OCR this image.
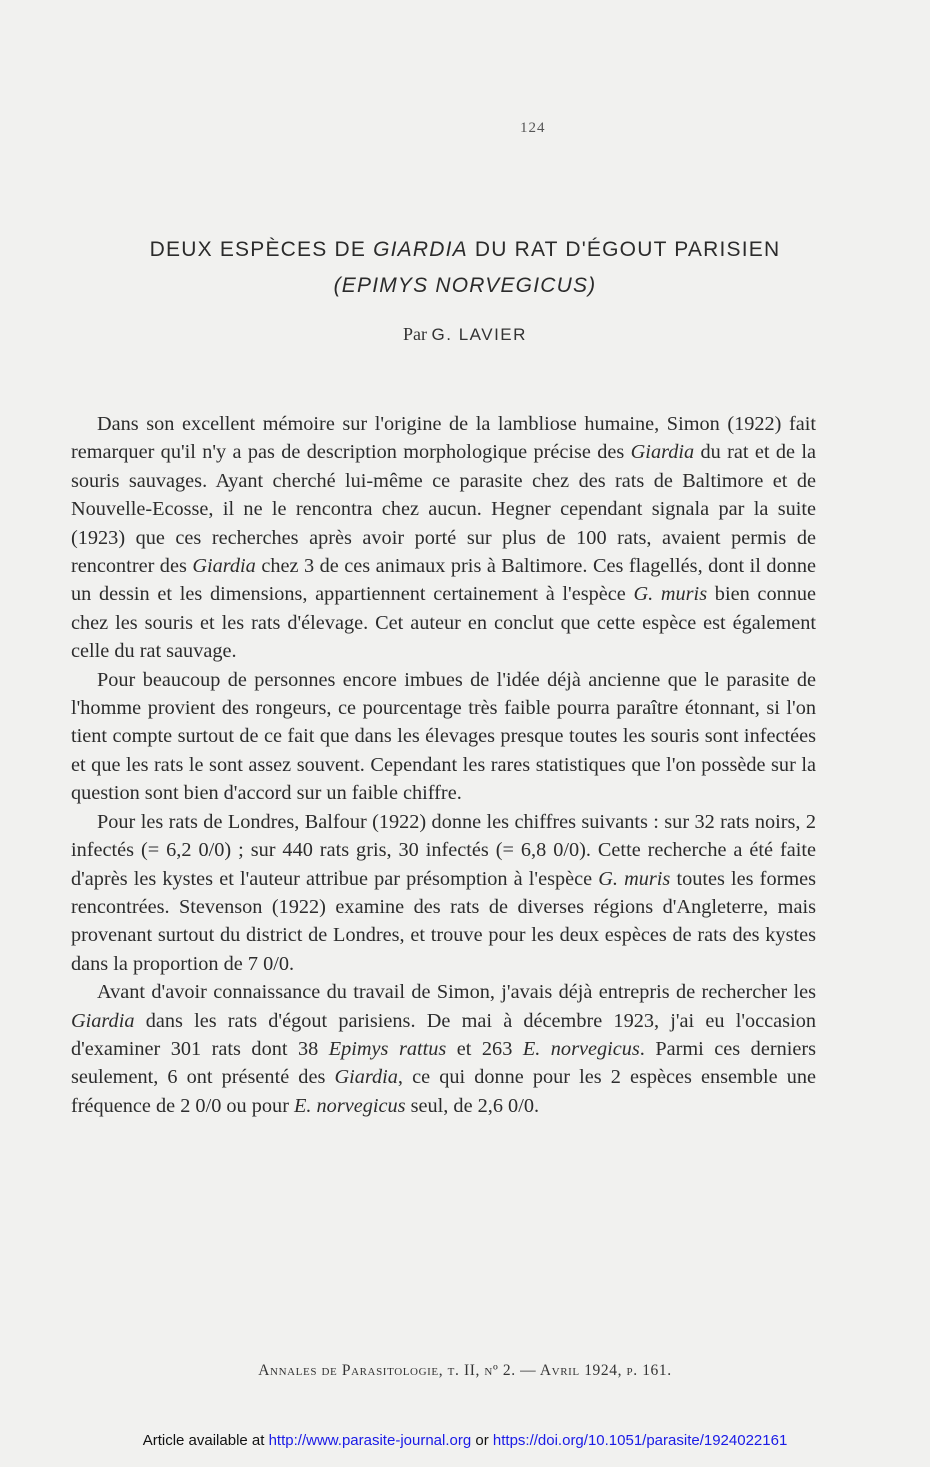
124
DEUX ESPÈCES DE GIARDIA DU RAT D'ÉGOUT PARISIEN
(EPIMYS NORVEGICUS)
Par G. LAVIER

Dans son excellent mémoire sur l'origine de la lambliose humaine, Simon (1922) fait remarquer qu'il n'y a pas de description morphologique précise des Giardia du rat et de la souris sauvages. Ayant cherché lui-même ce parasite chez des rats de Baltimore et de Nouvelle-Ecosse, il ne le rencontra chez aucun. Hegner cependant signala par la suite (1923) que ces recherches après avoir porté sur plus de 100 rats, avaient permis de rencontrer des Giardia chez 3 de ces animaux pris à Baltimore. Ces flagellés, dont il donne un dessin et les dimensions, appartiennent certainement à l'espèce G. muris bien connue chez les souris et les rats d'élevage. Cet auteur en conclut que cette espèce est également celle du rat sauvage.

Pour beaucoup de personnes encore imbues de l'idée déjà ancienne que le parasite de l'homme provient des rongeurs, ce pourcentage très faible pourra paraître étonnant, si l'on tient compte surtout de ce fait que dans les élevages presque toutes les souris sont infectées et que les rats le sont assez souvent. Cependant les rares statistiques que l'on possède sur la question sont bien d'accord sur un faible chiffre.

Pour les rats de Londres, Balfour (1922) donne les chiffres suivants : sur 32 rats noirs, 2 infectés (= 6,2 0/0) ; sur 440 rats gris, 30 infectés (= 6,8 0/0). Cette recherche a été faite d'après les kystes et l'auteur attribue par présomption à l'espèce G. muris toutes les formes rencontrées. Stevenson (1922) examine des rats de diverses régions d'Angleterre, mais provenant surtout du district de Londres, et trouve pour les deux espèces de rats des kystes dans la proportion de 7 0/0.

Avant d'avoir connaissance du travail de Simon, j'avais déjà entrepris de rechercher les Giardia dans les rats d'égout parisiens. De mai à décembre 1923, j'ai eu l'occasion d'examiner 301 rats dont 38 Epimys rattus et 263 E. norvegicus. Parmi ces derniers seulement, 6 ont présenté des Giardia, ce qui donne pour les 2 espèces ensemble une fréquence de 2 0/0 ou pour E. norvegicus seul, de 2,6 0/0.

Annales de Parasitologie, t. II, nº 2. — Avril 1924, p. 161.
Article available at http://www.parasite-journal.org or https://doi.org/10.1051/parasite/1924022161
